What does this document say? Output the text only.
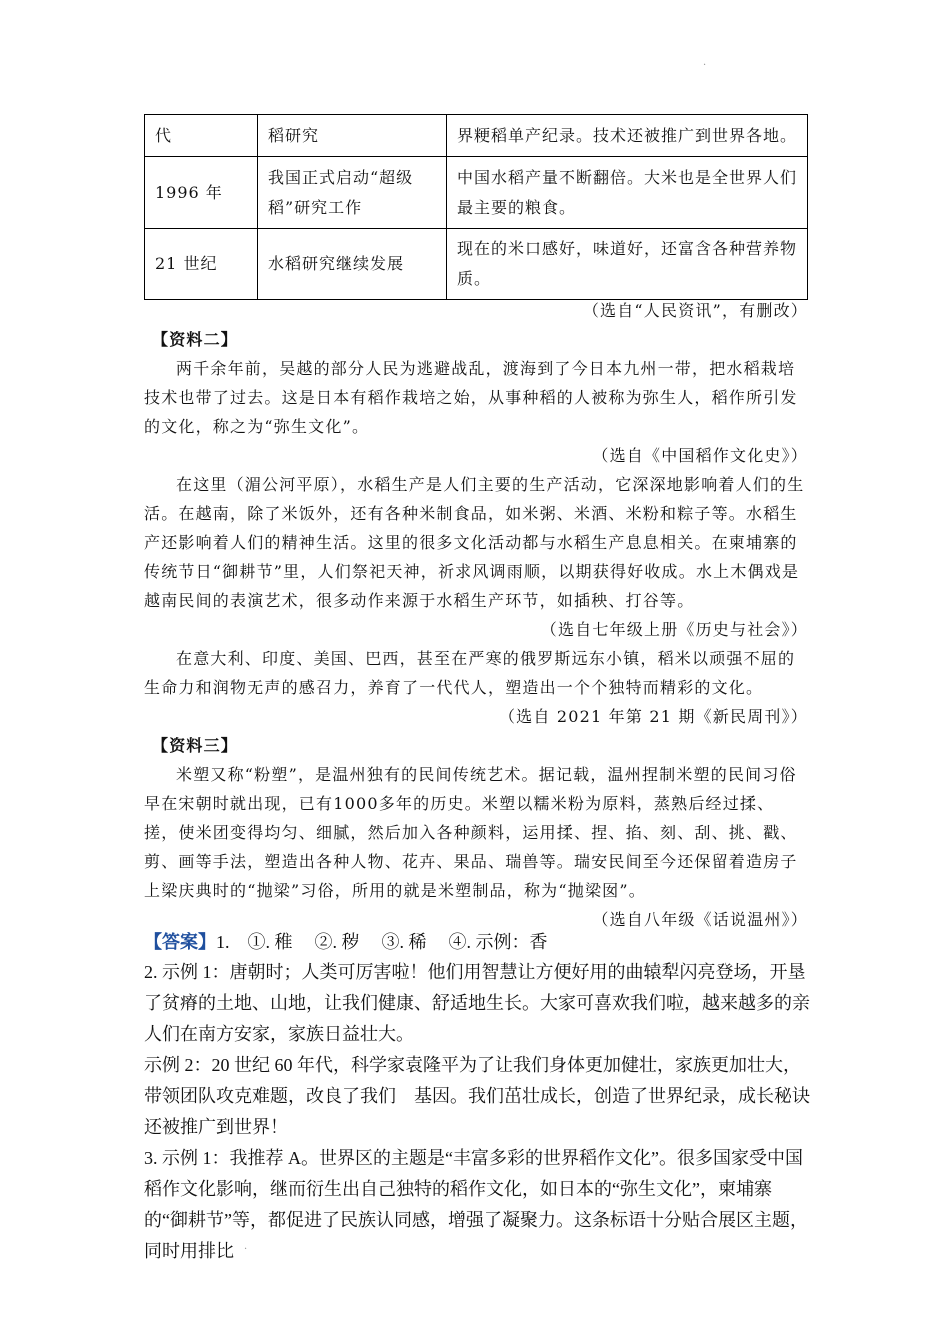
·
代	稻研究	界粳稻单产纪录。技术还被推广到世界各地。
1996 年	我国正式启动“超级稻”研究工作	中国水稻产量不断翻倍。大米也是全世界人们最主要的粮食。
21 世纪	水稻研究继续发展	现在的米口感好，味道好，还富含各种营养物质。

（选自“人民资讯”，有删改）

【资料二】

两千余年前，吴越的部分人民为逃避战乱，渡海到了今日本九州一带，把水稻栽培技术也带了过去。这是日本有稻作栽培之始，从事种稻的人被称为弥生人，稻作所引发的文化，称之为“弥生文化”。

（选自《中国稻作文化史》）

在这里（湄公河平原），水稻生产是人们主要的生产活动，它深深地影响着人们的生活。在越南，除了米饭外，还有各种米制食品，如米粥、米酒、米粉和粽子等。水稻生产还影响着人们的精神生活。这里的很多文化活动都与水稻生产息息相关。在柬埔寨的传统节日“御耕节”里，人们祭祀天神，祈求风调雨顺，以期获得好收成。水上木偶戏是越南民间的表演艺术，很多动作来源于水稻生产环节，如插秧、打谷等。

（选自七年级上册《历史与社会》）

在意大利、印度、美国、巴西，甚至在严寒的俄罗斯远东小镇，稻米以顽强不屈的生命力和润物无声的感召力，养育了一代代人，塑造出一个个独特而精彩的文化。

（选自 2021 年第 21 期《新民周刊》）

【资料三】

米塑又称“粉塑”，是温州独有的民间传统艺术。据记载，温州捏制米塑的民间习俗早在宋朝时就出现，已有1000多年的历史。米塑以糯米粉为原料，蒸熟后经过揉、搓，使米团变得均匀、细腻，然后加入各种颜料，运用揉、捏、掐、刻、刮、挑、戳、剪、画等手法，塑造出各种人物、花卉、果品、瑞兽等。瑞安民间至今还保留着造房子上梁庆典时的“抛梁”习俗，所用的就是米塑制品，称为“抛梁囡”。

（选自八年级《话说温州》）

【答案】1. ①. 稚 ②. 秽 ③. 稀 ④. 示例：香

2. 示例 1：唐朝时；人类可厉害啦！他们用智慧让方便好用的曲辕犁闪亮登场，开垦了贫瘠的土地、山地，让我们健康、舒适地生长。大家可喜欢我们啦，越来越多的亲人们在南方安家，家族日益壮大。

示例 2：20 世纪 60 年代，科学家袁隆平为了让我们身体更加健壮，家族更加壮大，带领团队攻克难题，改良了我们　基因。我们茁壮成长，创造了世界纪录，成长秘诀还被推广到世界！

3. 示例 1：我推荐 A。世界区的主题是“丰富多彩的世界稻作文化”。很多国家受中国稻作文化影响，继而衍生出自己独特的稻作文化，如日本的“弥生文化”，柬埔寨的“御耕节”等，都促进了民族认同感，增强了凝聚力。这条标语十分贴合展区主题，同时用排比	·
